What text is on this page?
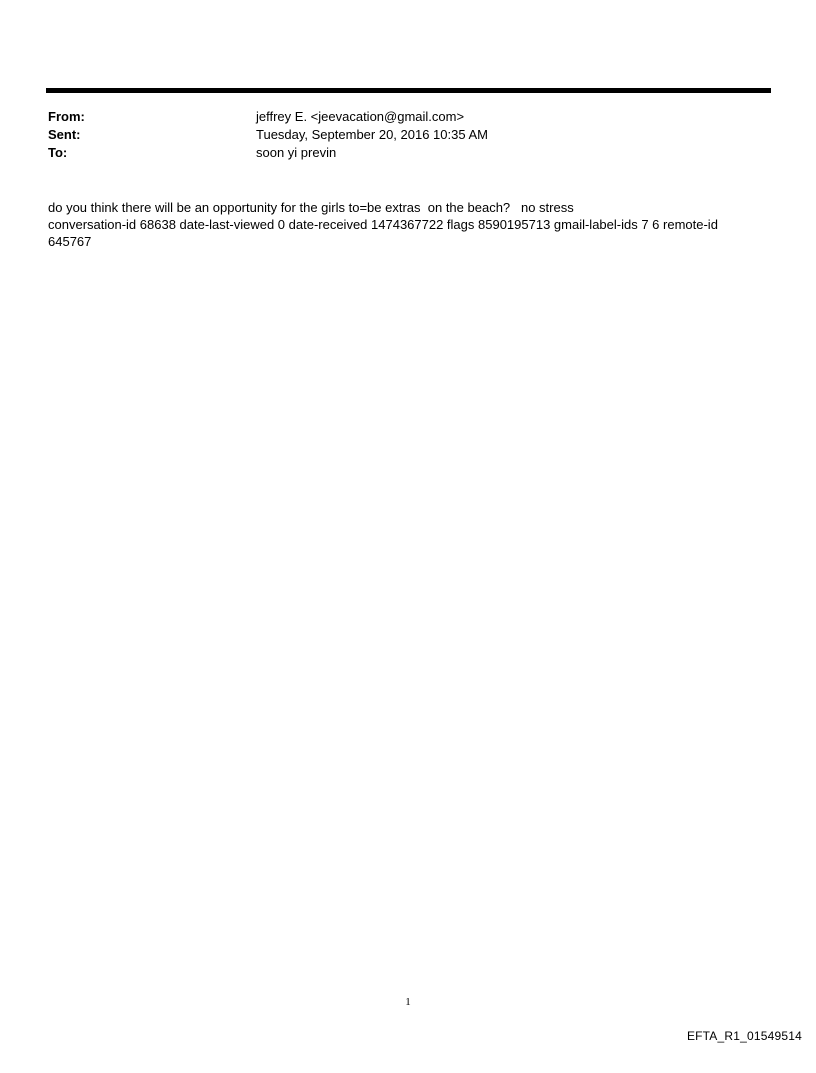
From:	jeffrey E. <jeevacation@gmail.com>
Sent:	Tuesday, September 20, 2016 10:35 AM
To:	soon yi previn
do you think there will be an opportunity for the girls to=be extras  on the beach?   no stress
conversation-id 68638 date-last-viewed 0 date-received 1474367722 flags 8590195713 gmail-label-ids 7 6 remote-id 645767
1
EFTA_R1_01549514
